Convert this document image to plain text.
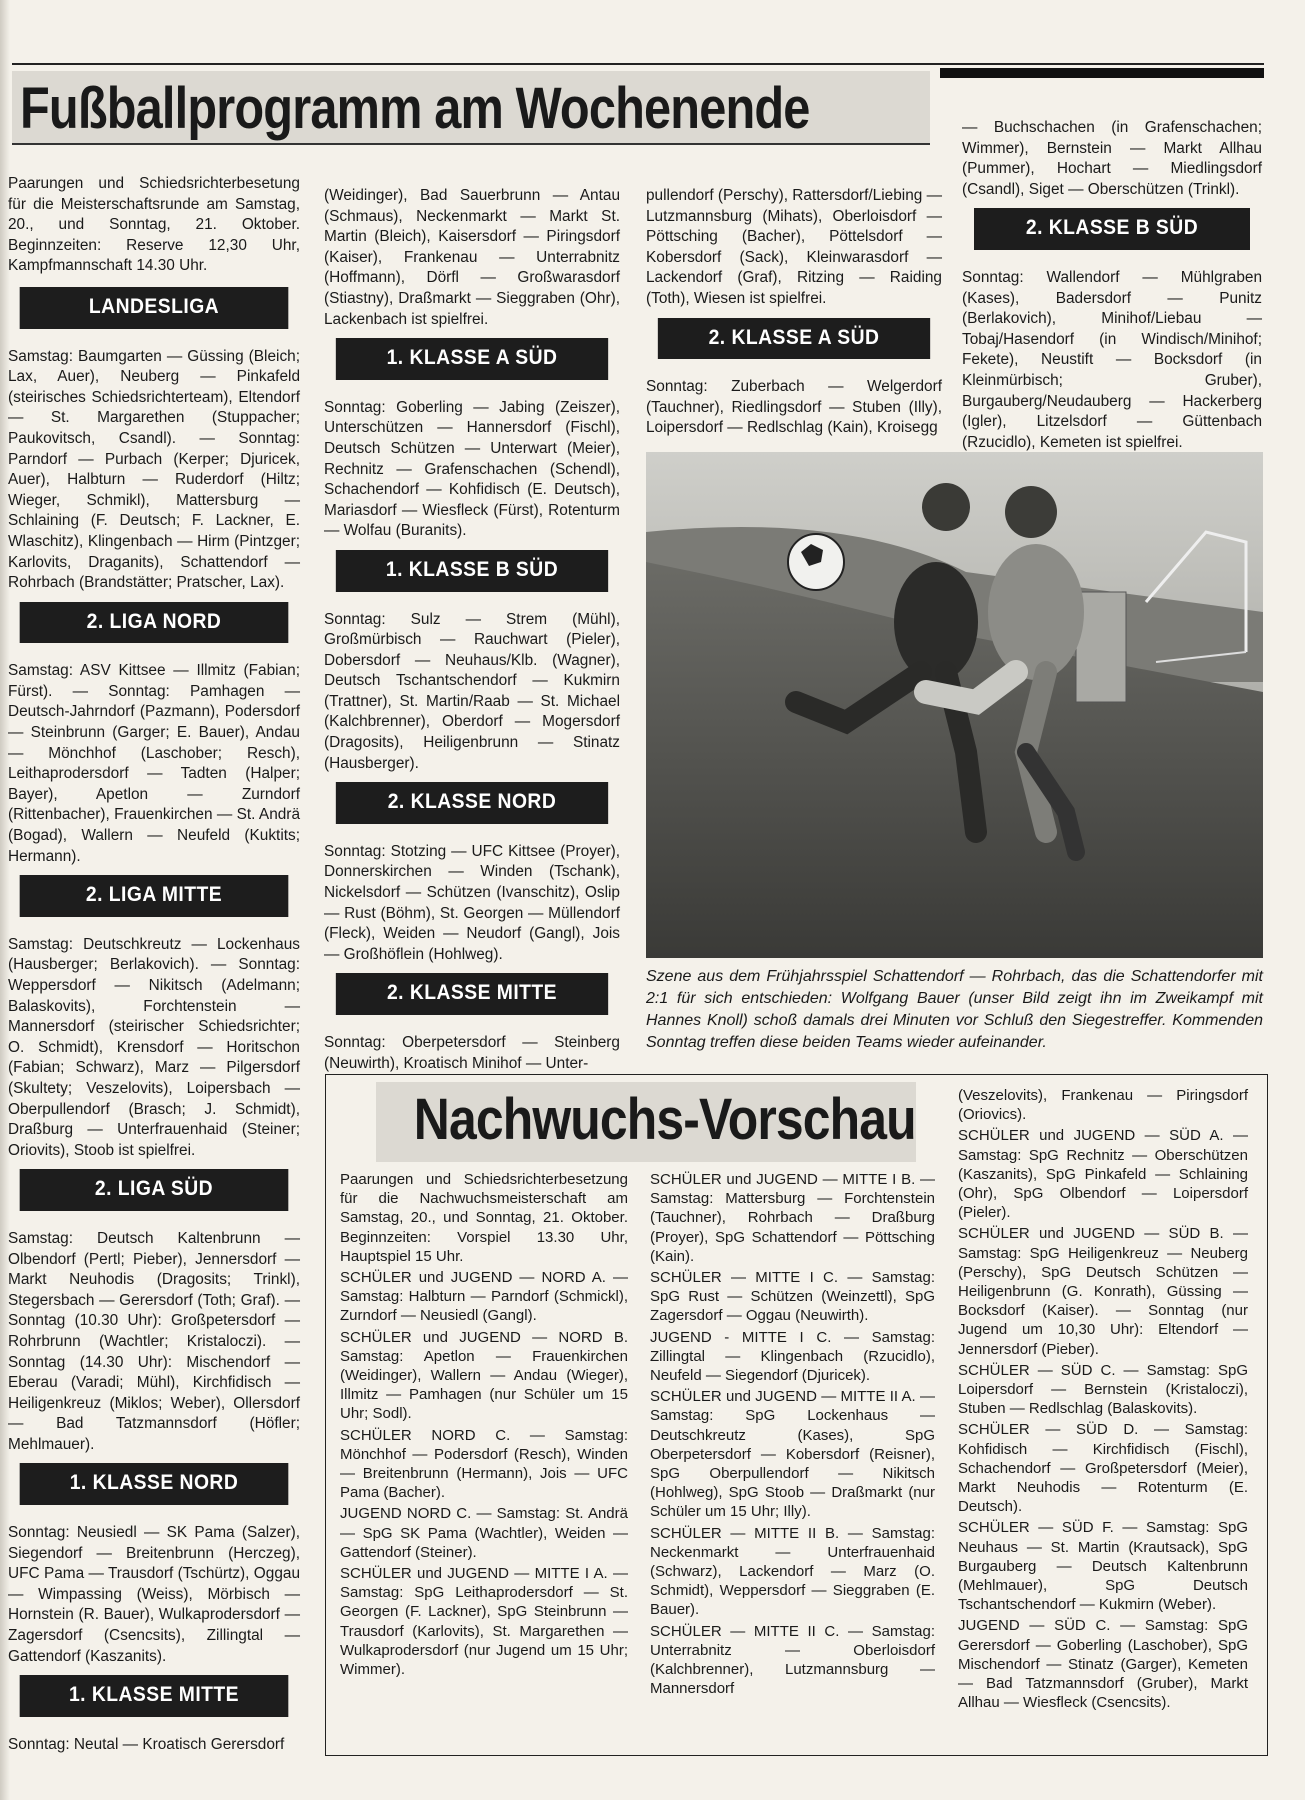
Fußballprogramm am Wochenende

Paarungen und Schiedsrichterbesetung für die Meisterschaftsrunde am Samstag, 20., und Sonntag, 21. Oktober. Beginnzeiten: Reserve 12,30 Uhr, Kampfmannschaft 14.30 Uhr.

LANDESLIGA

Samstag: Baumgarten — Güssing (Bleich; Lax, Auer), Neuberg — Pinkafeld (steirisches Schiedsrichterteam), Eltendorf — St. Margarethen (Stuppacher; Paukovitsch, Csandl). — Sonntag: Parndorf — Purbach (Kerper; Djuricek, Auer), Halbturn — Ruderdorf (Hiltz; Wieger, Schmikl), Mattersburg — Schlaining (F. Deutsch; F. Lackner, E. Wlaschitz), Klingenbach — Hirm (Pintzger; Karlovits, Draganits), Schattendorf — Rohrbach (Brandstätter; Pratscher, Lax).

2. LIGA NORD

Samstag: ASV Kittsee — Illmitz (Fabian; Fürst). — Sonntag: Pamhagen — Deutsch-Jahrndorf (Pazmann), Podersdorf — Steinbrunn (Garger; E. Bauer), Andau — Mönchhof (Laschober; Resch), Leithaprodersdorf — Tadten (Halper; Bayer), Apetlon — Zurndorf (Rittenbacher), Frauenkirchen — St. Andrä (Bogad), Wallern — Neufeld (Kuktits; Hermann).

2. LIGA MITTE

Samstag: Deutschkreutz — Lockenhaus (Hausberger; Berlakovich). — Sonntag: Weppersdorf — Nikitsch (Adelmann; Balaskovits), Forchtenstein — Mannersdorf (steirischer Schiedsrichter; O. Schmidt), Krensdorf — Horitschon (Fabian; Schwarz), Marz — Pilgersdorf (Skultety; Veszelovits), Loipersbach — Oberpullendorf (Brasch; J. Schmidt), Draßburg — Unterfrauenhaid (Steiner; Oriovits), Stoob ist spielfrei.

2. LIGA SÜD

Samstag: Deutsch Kaltenbrunn — Olbendorf (Pertl; Pieber), Jennersdorf — Markt Neuhodis (Dragosits; Trinkl), Stegersbach — Gerersdorf (Toth; Graf). — Sonntag (10.30 Uhr): Großpetersdorf — Rohrbrunn (Wachtler; Kristaloczi). — Sonntag (14.30 Uhr): Mischendorf — Eberau (Varadi; Mühl), Kirchfidisch — Heiligenkreuz (Miklos; Weber), Ollersdorf — Bad Tatzmannsdorf (Höfler; Mehlmauer).

1. KLASSE NORD

Sonntag: Neusiedl — SK Pama (Salzer), Siegendorf — Breitenbrunn (Herczeg), UFC Pama — Trausdorf (Tschürtz), Oggau — Wimpassing (Weiss), Mörbisch — Hornstein (R. Bauer), Wulkaprodersdorf — Zagersdorf (Csencsits), Zillingtal — Gattendorf (Kaszanits).

1. KLASSE MITTE

Sonntag: Neutal — Kroatisch Gerersdorf

(Weidinger), Bad Sauerbrunn — Antau (Schmaus), Neckenmarkt — Markt St. Martin (Bleich), Kaisersdorf — Piringsdorf (Kaiser), Frankenau — Unterrabnitz (Hoffmann), Dörfl — Großwarasdorf (Stiastny), Draßmarkt — Sieggraben (Ohr), Lackenbach ist spielfrei.

1. KLASSE A SÜD

Sonntag: Goberling — Jabing (Zeiszer), Unterschützen — Hannersdorf (Fischl), Deutsch Schützen — Unterwart (Meier), Rechnitz — Grafenschachen (Schendl), Schachendorf — Kohfidisch (E. Deutsch), Mariasdorf — Wiesfleck (Fürst), Rotenturm — Wolfau (Buranits).

1. KLASSE B SÜD

Sonntag: Sulz — Strem (Mühl), Großmürbisch — Rauchwart (Pieler), Dobersdorf — Neuhaus/Klb. (Wagner), Deutsch Tschantschendorf — Kukmirn (Trattner), St. Martin/Raab — St. Michael (Kalchbrenner), Oberdorf — Mogersdorf (Dragosits), Heiligenbrunn — Stinatz (Hausberger).

2. KLASSE NORD

Sonntag: Stotzing — UFC Kittsee (Proyer), Donnerskirchen — Winden (Tschank), Nickelsdorf — Schützen (Ivanschitz), Oslip — Rust (Böhm), St. Georgen — Müllendorf (Fleck), Weiden — Neudorf (Gangl), Jois — Großhöflein (Hohlweg).

2. KLASSE MITTE

Sonntag: Oberpetersdorf — Steinberg (Neuwirth), Kroatisch Minihof — Unter-

pullendorf (Perschy), Rattersdorf/Liebing — Lutzmannsburg (Mihats), Oberloisdorf — Pöttsching (Bacher), Pöttelsdorf — Kobersdorf (Sack), Kleinwarasdorf — Lackendorf (Graf), Ritzing — Raiding (Toth), Wiesen ist spielfrei.

2. KLASSE A SÜD

Sonntag: Zuberbach — Welgerdorf (Tauchner), Riedlingsdorf — Stuben (Illy), Loipersdorf — Redlschlag (Kain), Kroisegg

— Buchschachen (in Grafenschachen; Wimmer), Bernstein — Markt Allhau (Pummer), Hochart — Miedlingsdorf (Csandl), Siget — Oberschützen (Trinkl).

2. KLASSE B SÜD

Sonntag: Wallendorf — Mühlgraben (Kases), Badersdorf — Punitz (Berlakovich), Minihof/Liebau — Tobaj/Hasendorf (in Windisch/Minihof; Fekete), Neustift — Bocksdorf (in Kleinmürbisch; Gruber), Burgauberg/Neudauberg — Hackerberg (Igler), Litzelsdorf — Güttenbach (Rzucidlo), Kemeten ist spielfrei.

Szene aus dem Frühjahrsspiel Schattendorf — Rohrbach, das die Schattendorfer mit 2:1 für sich entschieden: Wolfgang Bauer (unser Bild zeigt ihn im Zweikampf mit Hannes Knoll) schoß damals drei Minuten vor Schluß den Siegestreffer. Kommenden Sonntag treffen diese beiden Teams wieder aufeinander.
Nachwuchs-Vorschau

Paarungen und Schiedsrichterbesetzung für die Nachwuchsmeisterschaft am Samstag, 20., und Sonntag, 21. Oktober. Beginnzeiten: Vorspiel 13.30 Uhr, Hauptspiel 15 Uhr.

SCHÜLER und JUGEND — NORD A. — Samstag: Halbturn — Parndorf (Schmickl), Zurndorf — Neusiedl (Gangl).

SCHÜLER und JUGEND — NORD B. Samstag: Apetlon — Frauenkirchen (Weidinger), Wallern — Andau (Wieger), Illmitz — Pamhagen (nur Schüler um 15 Uhr; Sodl).

SCHÜLER NORD C. — Samstag: Mönchhof — Podersdorf (Resch), Winden — Breitenbrunn (Hermann), Jois — UFC Pama (Bacher).

JUGEND NORD C. — Samstag: St. Andrä — SpG SK Pama (Wachtler), Weiden — Gattendorf (Steiner).

SCHÜLER und JUGEND — MITTE I A. — Samstag: SpG Leithaprodersdorf — St. Georgen (F. Lackner), SpG Steinbrunn — Trausdorf (Karlovits), St. Margarethen — Wulkaprodersdorf (nur Jugend um 15 Uhr; Wimmer).

SCHÜLER und JUGEND — MITTE I B. — Samstag: Mattersburg — Forchtenstein (Tauchner), Rohrbach — Draßburg (Proyer), SpG Schattendorf — Pöttsching (Kain).

SCHÜLER — MITTE I C. — Samstag: SpG Rust — Schützen (Weinzettl), SpG Zagersdorf — Oggau (Neuwirth).

JUGEND - MITTE I C. — Samstag: Zillingtal — Klingenbach (Rzucidlo), Neufeld — Siegendorf (Djuricek).

SCHÜLER und JUGEND — MITTE II A. — Samstag: SpG Lockenhaus — Deutschkreutz (Kases), SpG Oberpetersdorf — Kobersdorf (Reisner), SpG Oberpullendorf — Nikitsch (Hohlweg), SpG Stoob — Draßmarkt (nur Schüler um 15 Uhr; Illy).

SCHÜLER — MITTE II B. — Samstag: Neckenmarkt — Unterfrauenhaid (Schwarz), Lackendorf — Marz (O. Schmidt), Weppersdorf — Sieggraben (E. Bauer).

SCHÜLER — MITTE II C. — Samstag: Unterrabnitz — Oberloisdorf (Kalchbrenner), Lutzmannsburg — Mannersdorf

(Veszelovits), Frankenau — Piringsdorf (Oriovics).

SCHÜLER und JUGEND — SÜD A. — Samstag: SpG Rechnitz — Oberschützen (Kaszanits), SpG Pinkafeld — Schlaining (Ohr), SpG Olbendorf — Loipersdorf (Pieler).

SCHÜLER und JUGEND — SÜD B. — Samstag: SpG Heiligenkreuz — Neuberg (Perschy), SpG Deutsch Schützen — Heiligenbrunn (G. Konrath), Güssing — Bocksdorf (Kaiser). — Sonntag (nur Jugend um 10,30 Uhr): Eltendorf — Jennersdorf (Pieber).

SCHÜLER — SÜD C. — Samstag: SpG Loipersdorf — Bernstein (Kristaloczi), Stuben — Redlschlag (Balaskovits).

SCHÜLER — SÜD D. — Samstag: Kohfidisch — Kirchfidisch (Fischl), Schachendorf — Großpetersdorf (Meier), Markt Neuhodis — Rotenturm (E. Deutsch).

SCHÜLER — SÜD F. — Samstag: SpG Neuhaus — St. Martin (Krautsack), SpG Burgauberg — Deutsch Kaltenbrunn (Mehlmauer), SpG Deutsch Tschantschendorf — Kukmirn (Weber).

JUGEND — SÜD C. — Samstag: SpG Gerersdorf — Goberling (Laschober), SpG Mischendorf — Stinatz (Garger), Kemeten — Bad Tatzmannsdorf (Gruber), Markt Allhau — Wiesfleck (Csencsits).
